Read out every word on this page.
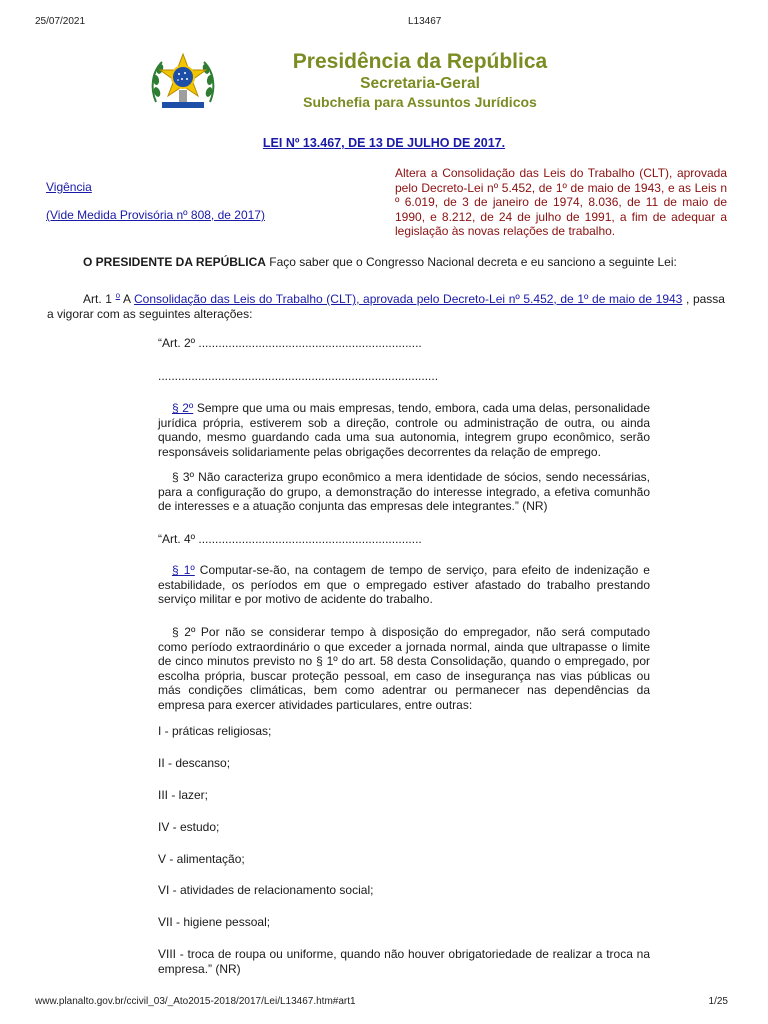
25/07/2021	L13467
Presidência da República
Secretaria-Geral
Subchefia para Assuntos Jurídicos
LEI Nº 13.467, DE 13 DE JULHO DE 2017.
Vigência
(Vide Medida Provisória nº 808, de 2017)
Altera a Consolidação das Leis do Trabalho (CLT), aprovada pelo Decreto-Lei nº 5.452, de 1º de maio de 1943, e as Leis n º 6.019, de 3 de janeiro de 1974, 8.036, de 11 de maio de 1990, e 8.212, de 24 de julho de 1991, a fim de adequar a legislação às novas relações de trabalho.
O PRESIDENTE DA REPÚBLICA Faço saber que o Congresso Nacional decreta e eu sanciono a seguinte Lei:
Art. 1 $^o$ A Consolidação das Leis do Trabalho (CLT), aprovada pelo Decreto-Lei nº 5.452, de 1º de maio de 1943 , passa a vigorar com as seguintes alterações:
“Art. 2º ...................................................................
....................................................................................
§ 2º Sempre que uma ou mais empresas, tendo, embora, cada uma delas, personalidade jurídica própria, estiverem sob a direção, controle ou administração de outra, ou ainda quando, mesmo guardando cada uma sua autonomia, integrem grupo econômico, serão responsáveis solidariamente pelas obrigações decorrentes da relação de emprego.
§ 3º Não caracteriza grupo econômico a mera identidade de sócios, sendo necessárias, para a configuração do grupo, a demonstração do interesse integrado, a efetiva comunhão de interesses e a atuação conjunta das empresas dele integrantes.” (NR)
“Art. 4º ...................................................................
§ 1º Computar-se-ão, na contagem de tempo de serviço, para efeito de indenização e estabilidade, os períodos em que o empregado estiver afastado do trabalho prestando serviço militar e por motivo de acidente do trabalho.
§ 2º Por não se considerar tempo à disposição do empregador, não será computado como período extraordinário o que exceder a jornada normal, ainda que ultrapasse o limite de cinco minutos previsto no § 1º do art. 58 desta Consolidação, quando o empregado, por escolha própria, buscar proteção pessoal, em caso de insegurança nas vias públicas ou más condições climáticas, bem como adentrar ou permanecer nas dependências da empresa para exercer atividades particulares, entre outras:
I - práticas religiosas;
II - descanso;
III - lazer;
IV - estudo;
V - alimentação;
VI - atividades de relacionamento social;
VII - higiene pessoal;
VIII - troca de roupa ou uniforme, quando não houver obrigatoriedade de realizar a troca na empresa.” (NR)
www.planalto.gov.br/ccivil_03/_Ato2015-2018/2017/Lei/L13467.htm#art1	1/25
